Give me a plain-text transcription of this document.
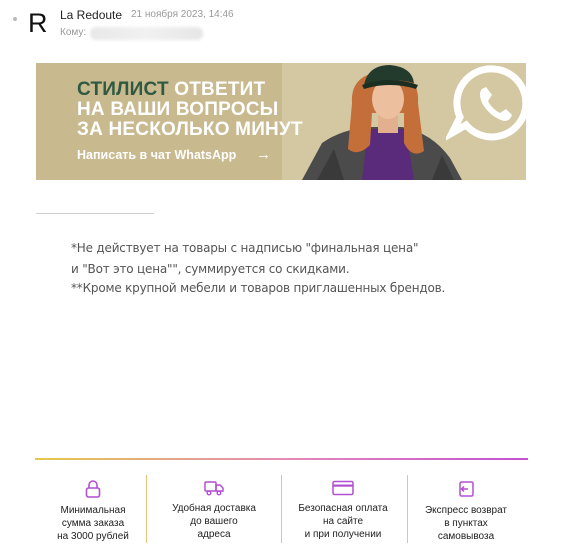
R	La Redoute 21 ноября 2023, 14:46
Кому:
СТИЛИСТ ОТВЕТИТ
НА ВАШИ ВОПРОСЫ
ЗА НЕСКОЛЬКО МИНУТ
Написать в чат WhatsApp →
*Не действует на товары с надписью "финальная цена"
и "Вот это цена"", суммируется со скидками.
**Кроме крупной мебели и товаров приглашенных брендов.
Минимальная
сумма заказа
на 3000 рублей
Удобная доставка
до вашего
адреса
Безопасная оплата
на сайте
и при получении
Экспресс возврат
в пунктах
самовывоза
